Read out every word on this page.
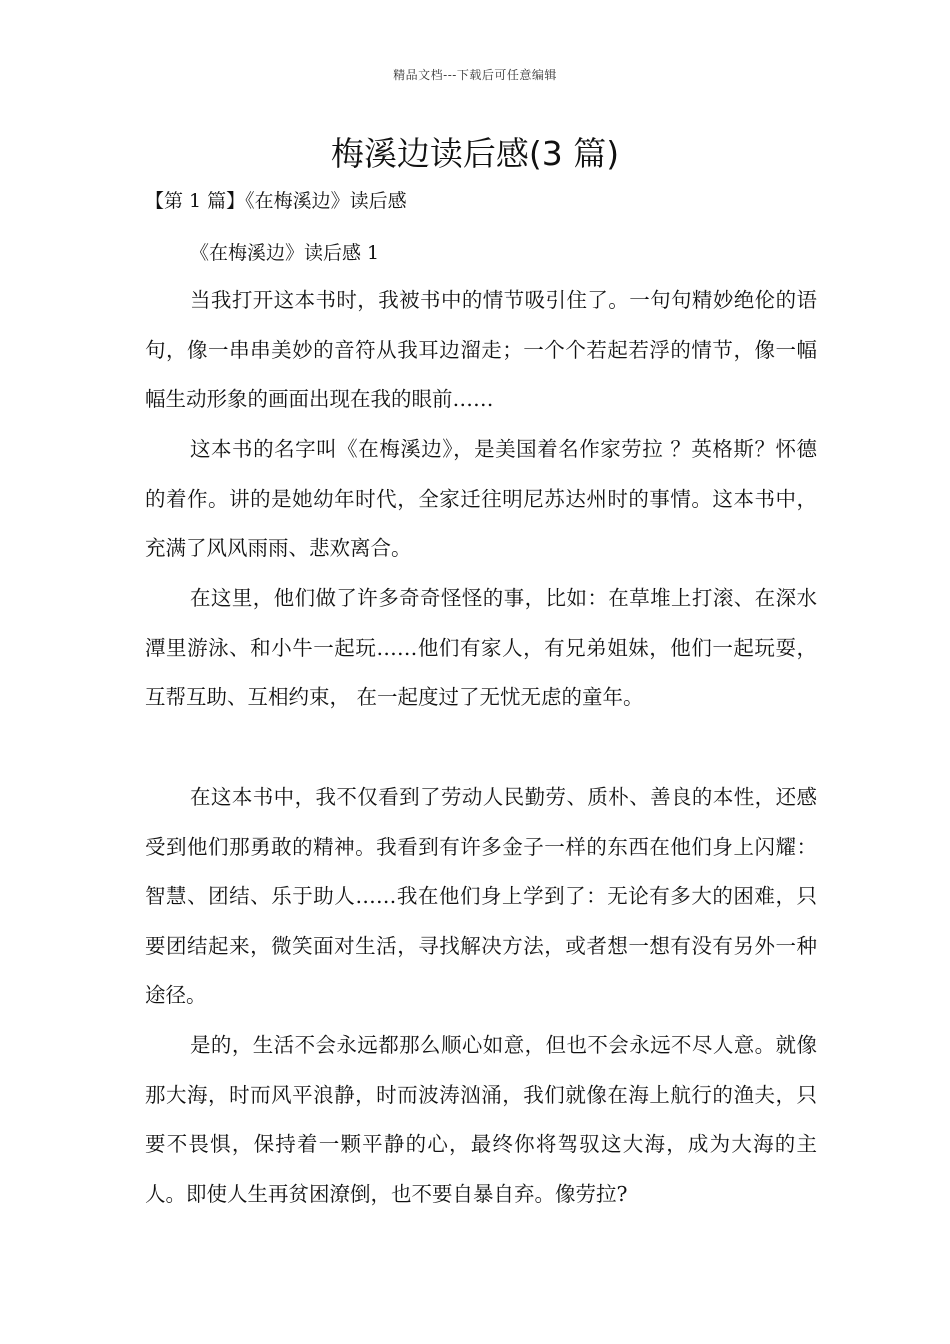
精品文档---下载后可任意编辑
梅溪边读后感(3 篇)
【第 1 篇】《在梅溪边》读后感
《在梅溪边》读后感 1

当我打开这本书时，我被书中的情节吸引住了。一句句精妙绝伦的语句，像一串串美妙的音符从我耳边溜走；一个个若起若浮的情节，像一幅幅生动形象的画面出现在我的眼前……

这本书的名字叫《在梅溪边》，是美国着名作家劳拉 ？英格斯？怀德的着作。讲的是她幼年时代，全家迁往明尼苏达州时的事情。这本书中，充满了风风雨雨、悲欢离合。

在这里，他们做了许多奇奇怪怪的事，比如：在草堆上打滚、在深水潭里游泳、和小牛一起玩……他们有家人，有兄弟姐妹，他们一起玩耍，互帮互助、互相约束， 在一起度过了无忧无虑的童年。

在这本书中，我不仅看到了劳动人民勤劳、质朴、善良的本性，还感受到他们那勇敢的精神。我看到有许多金子一样的东西在他们身上闪耀：智慧、团结、乐于助人……我在他们身上学到了：无论有多大的困难，只要团结起来，微笑面对生活，寻找解决方法，或者想一想有没有另外一种途径。

是的，生活不会永远都那么顺心如意，但也不会永远不尽人意。就像那大海，时而风平浪静，时而波涛汹涌，我们就像在海上航行的渔夫，只要不畏惧，保持着一颗平静的心，最终你将驾驭这大海，成为大海的主人。即使人生再贫困潦倒，也不要自暴自弃。像劳拉?
